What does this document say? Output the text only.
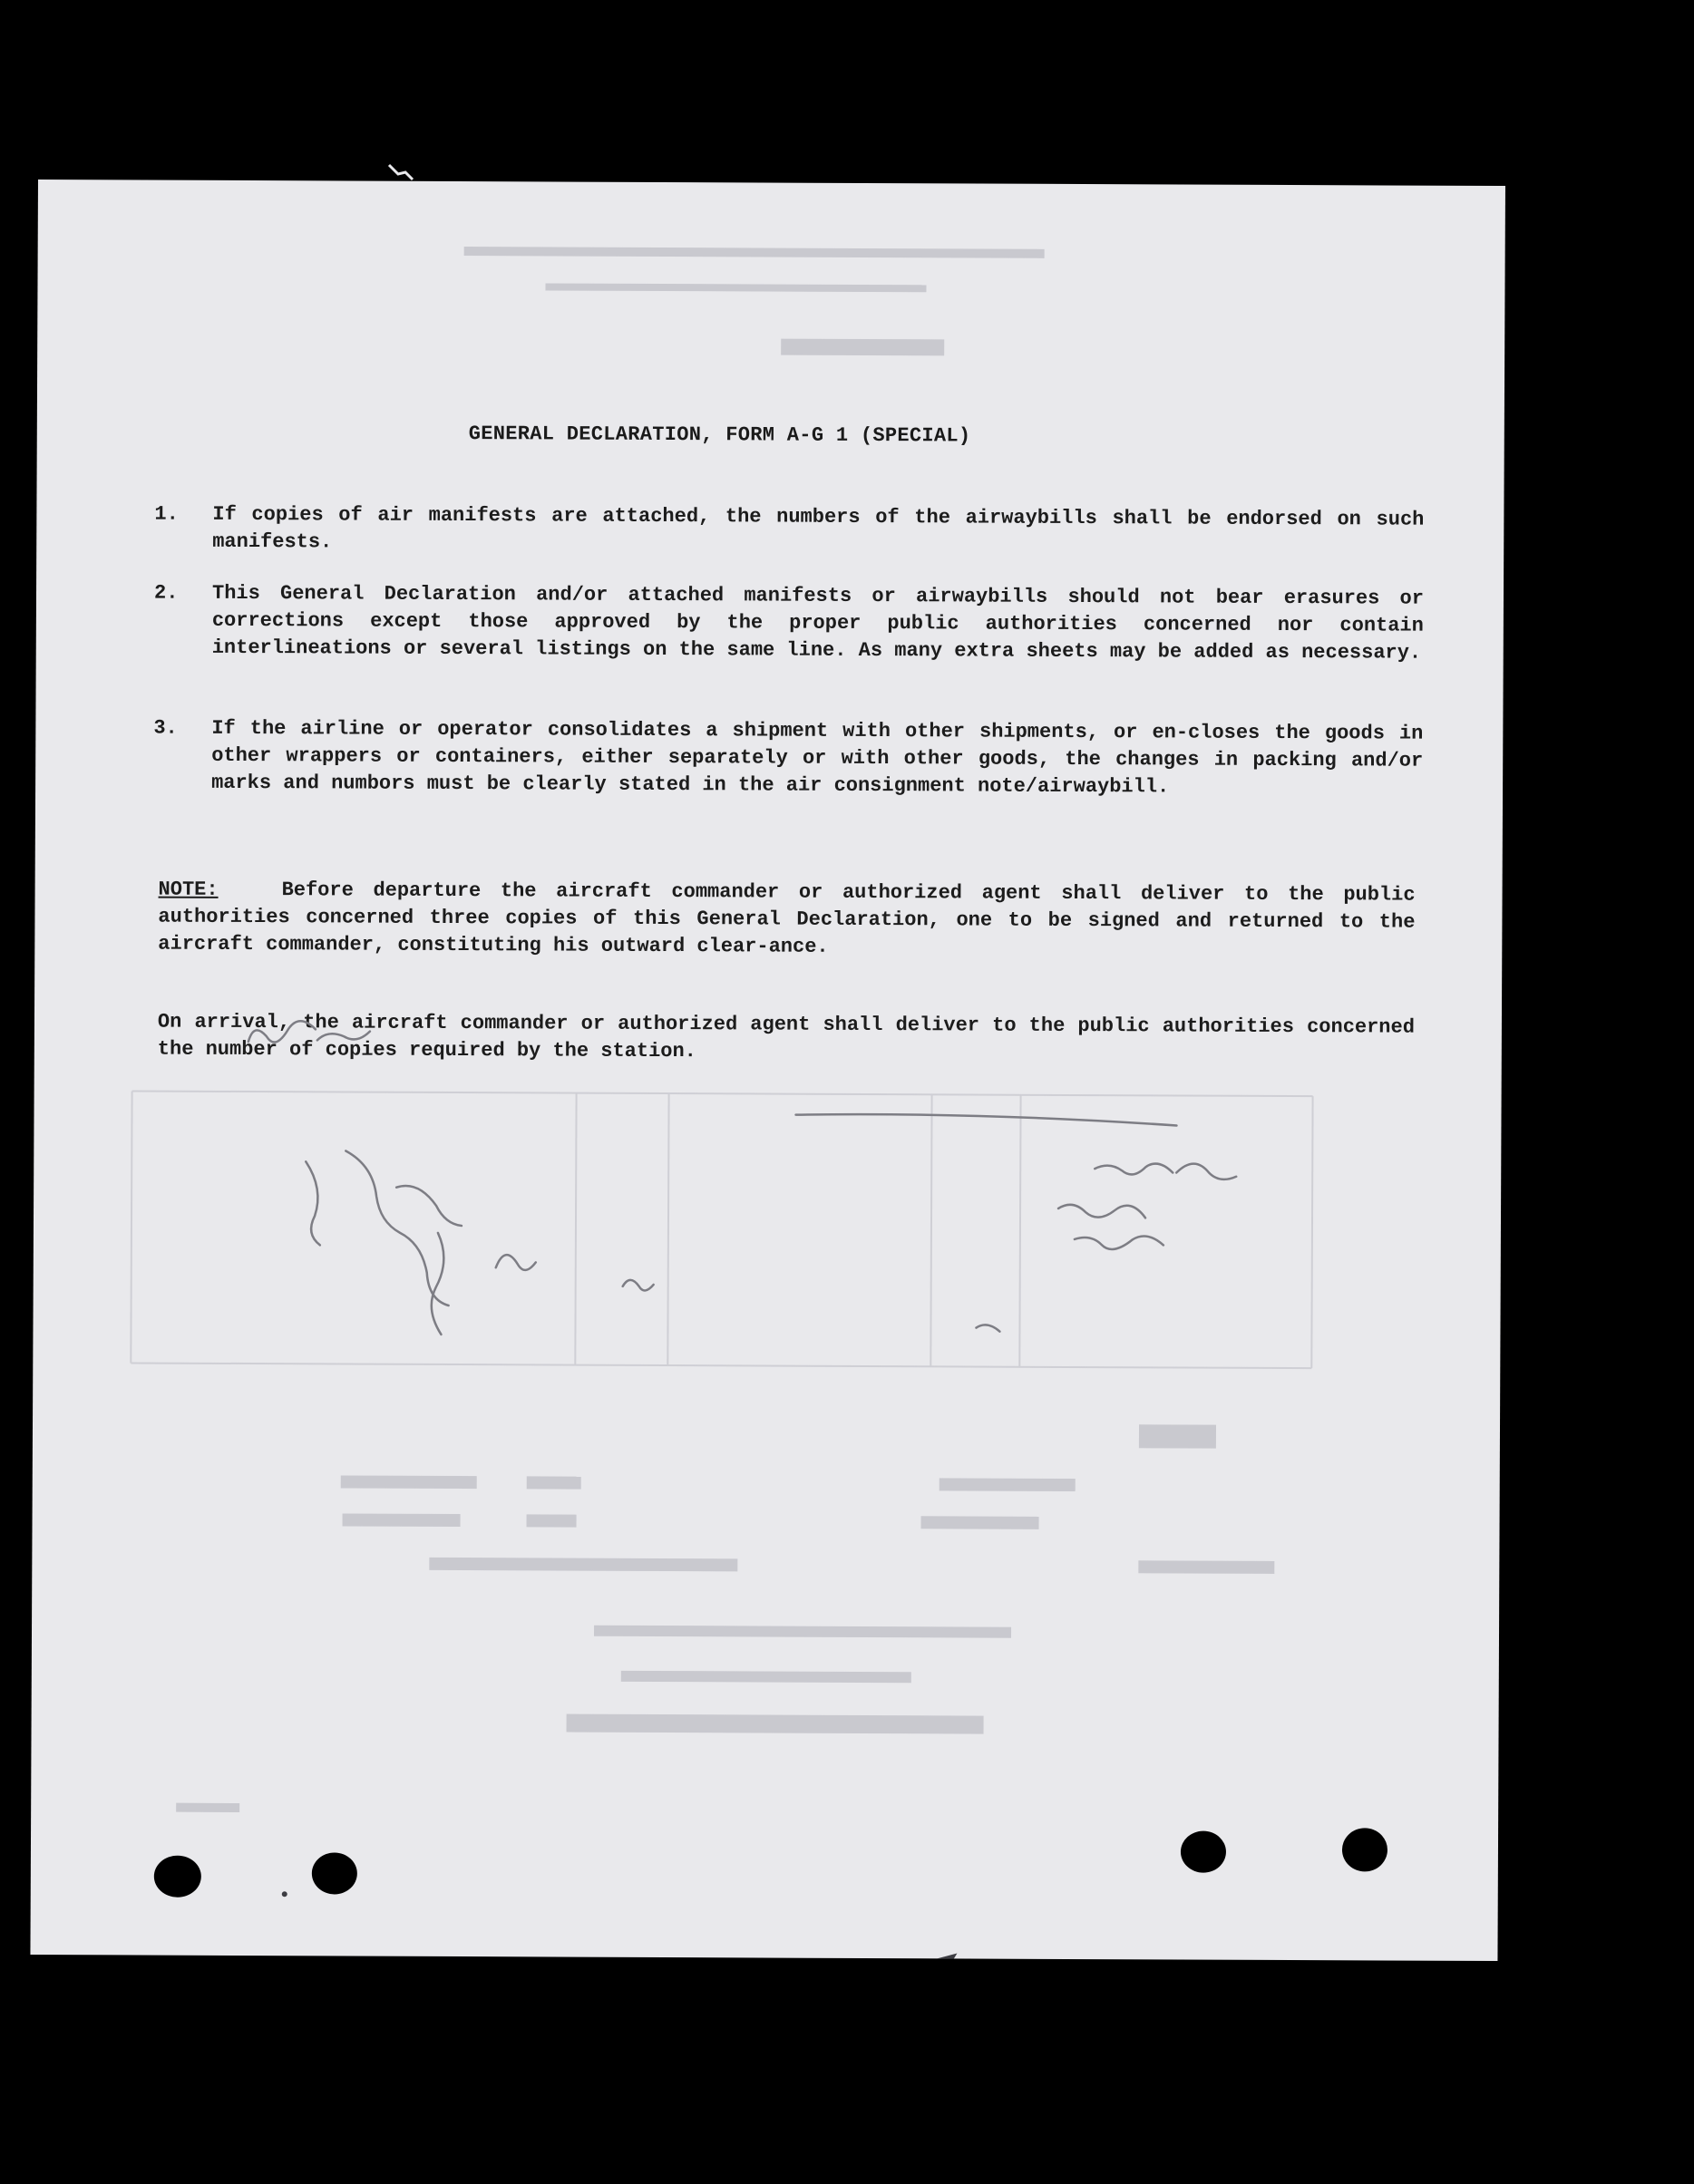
GENERAL DECLARATION, FORM A-G 1 (SPECIAL)
1.	If copies of air manifests are attached, the numbers of the airwaybills shall be endorsed on such manifests.
2.	This General Declaration and/or attached manifests or airwaybills should not bear erasures or corrections except those approved by the proper public authorities concerned nor contain interlineations or several listings on the same line. As many extra sheets may be added as necessary.
3.	If the airline or operator consolidates a shipment with other shipments, or en-closes the goods in other wrappers or containers, either separately or with other goods, the changes in packing and/or marks and numbors must be clearly stated in the air consignment note/airwaybill.
NOTE:	Before departure the aircraft commander or authorized agent shall deliver to the public authorities concerned three copies of this General Declaration, one to be signed and returned to the aircraft commander, constituting his outward clear-ance.
On arrival, the aircraft commander or authorized agent shall deliver to the public authorities concerned the number of copies required by the station.
